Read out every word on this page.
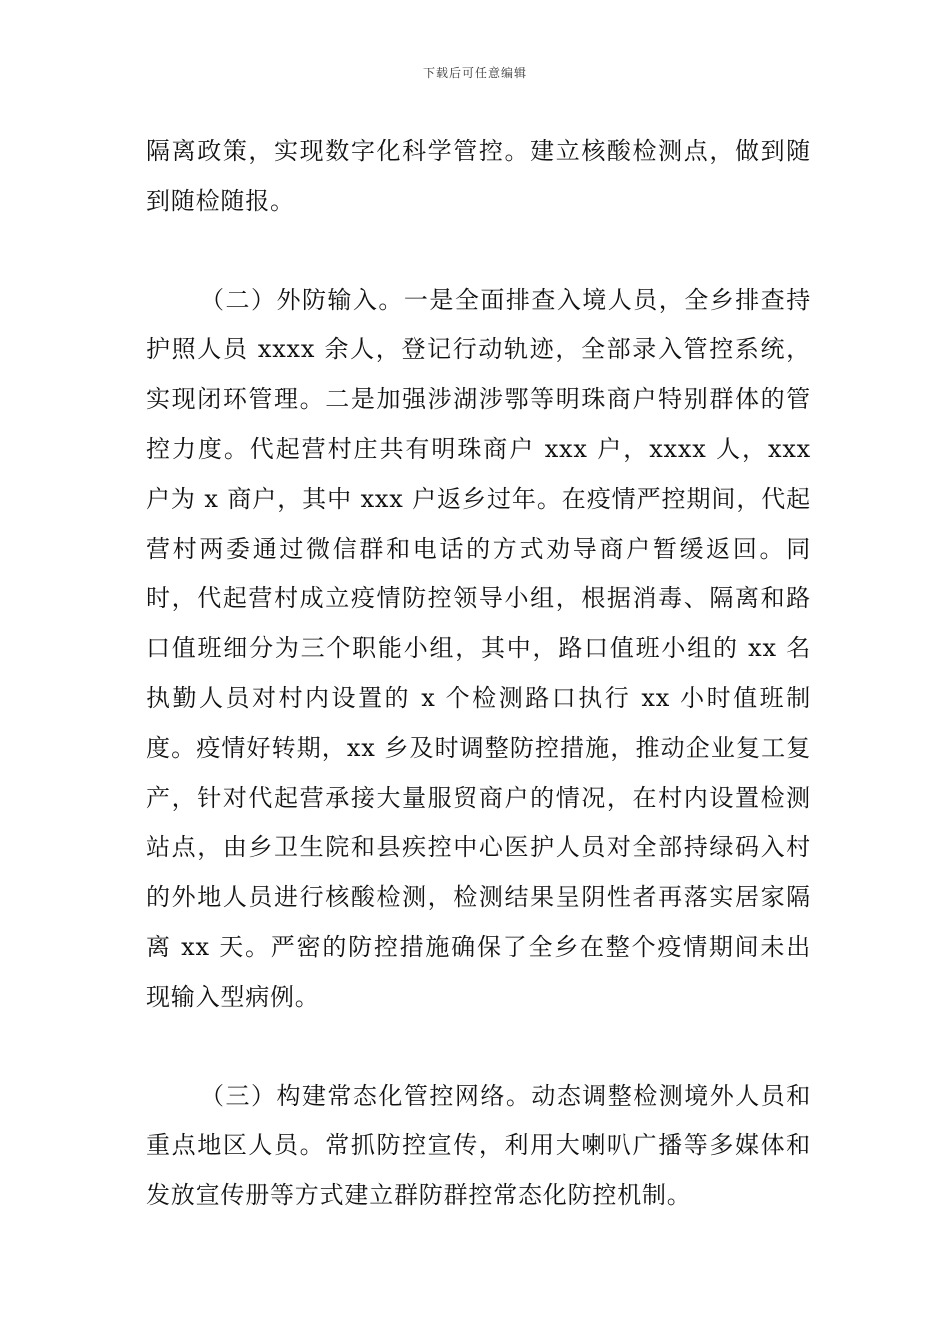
下载后可任意编辑

隔离政策，实现数字化科学管控。建立核酸检测点，做到随到随检随报。

（二）外防输入。一是全面排查入境人员，全乡排查持护照人员 xxxx 余人，登记行动轨迹，全部录入管控系统，实现闭环管理。二是加强涉湖涉鄂等明珠商户特别群体的管控力度。代起营村庄共有明珠商户 xxx 户，xxxx 人，xxx 户为 x 商户，其中 xxx 户返乡过年。在疫情严控期间，代起营村两委通过微信群和电话的方式劝导商户暂缓返回。同时，代起营村成立疫情防控领导小组，根据消毒、隔离和路口值班细分为三个职能小组，其中，路口值班小组的 xx 名执勤人员对村内设置的 x 个检测路口执行 xx 小时值班制度。疫情好转期，xx 乡及时调整防控措施，推动企业复工复产，针对代起营承接大量服贸商户的情况，在村内设置检测站点，由乡卫生院和县疾控中心医护人员对全部持绿码入村的外地人员进行核酸检测，检测结果呈阴性者再落实居家隔离 xx 天。严密的防控措施确保了全乡在整个疫情期间未出现输入型病例。

（三）构建常态化管控网络。动态调整检测境外人员和重点地区人员。常抓防控宣传，利用大喇叭广播等多媒体和发放宣传册等方式建立群防群控常态化防控机制。
